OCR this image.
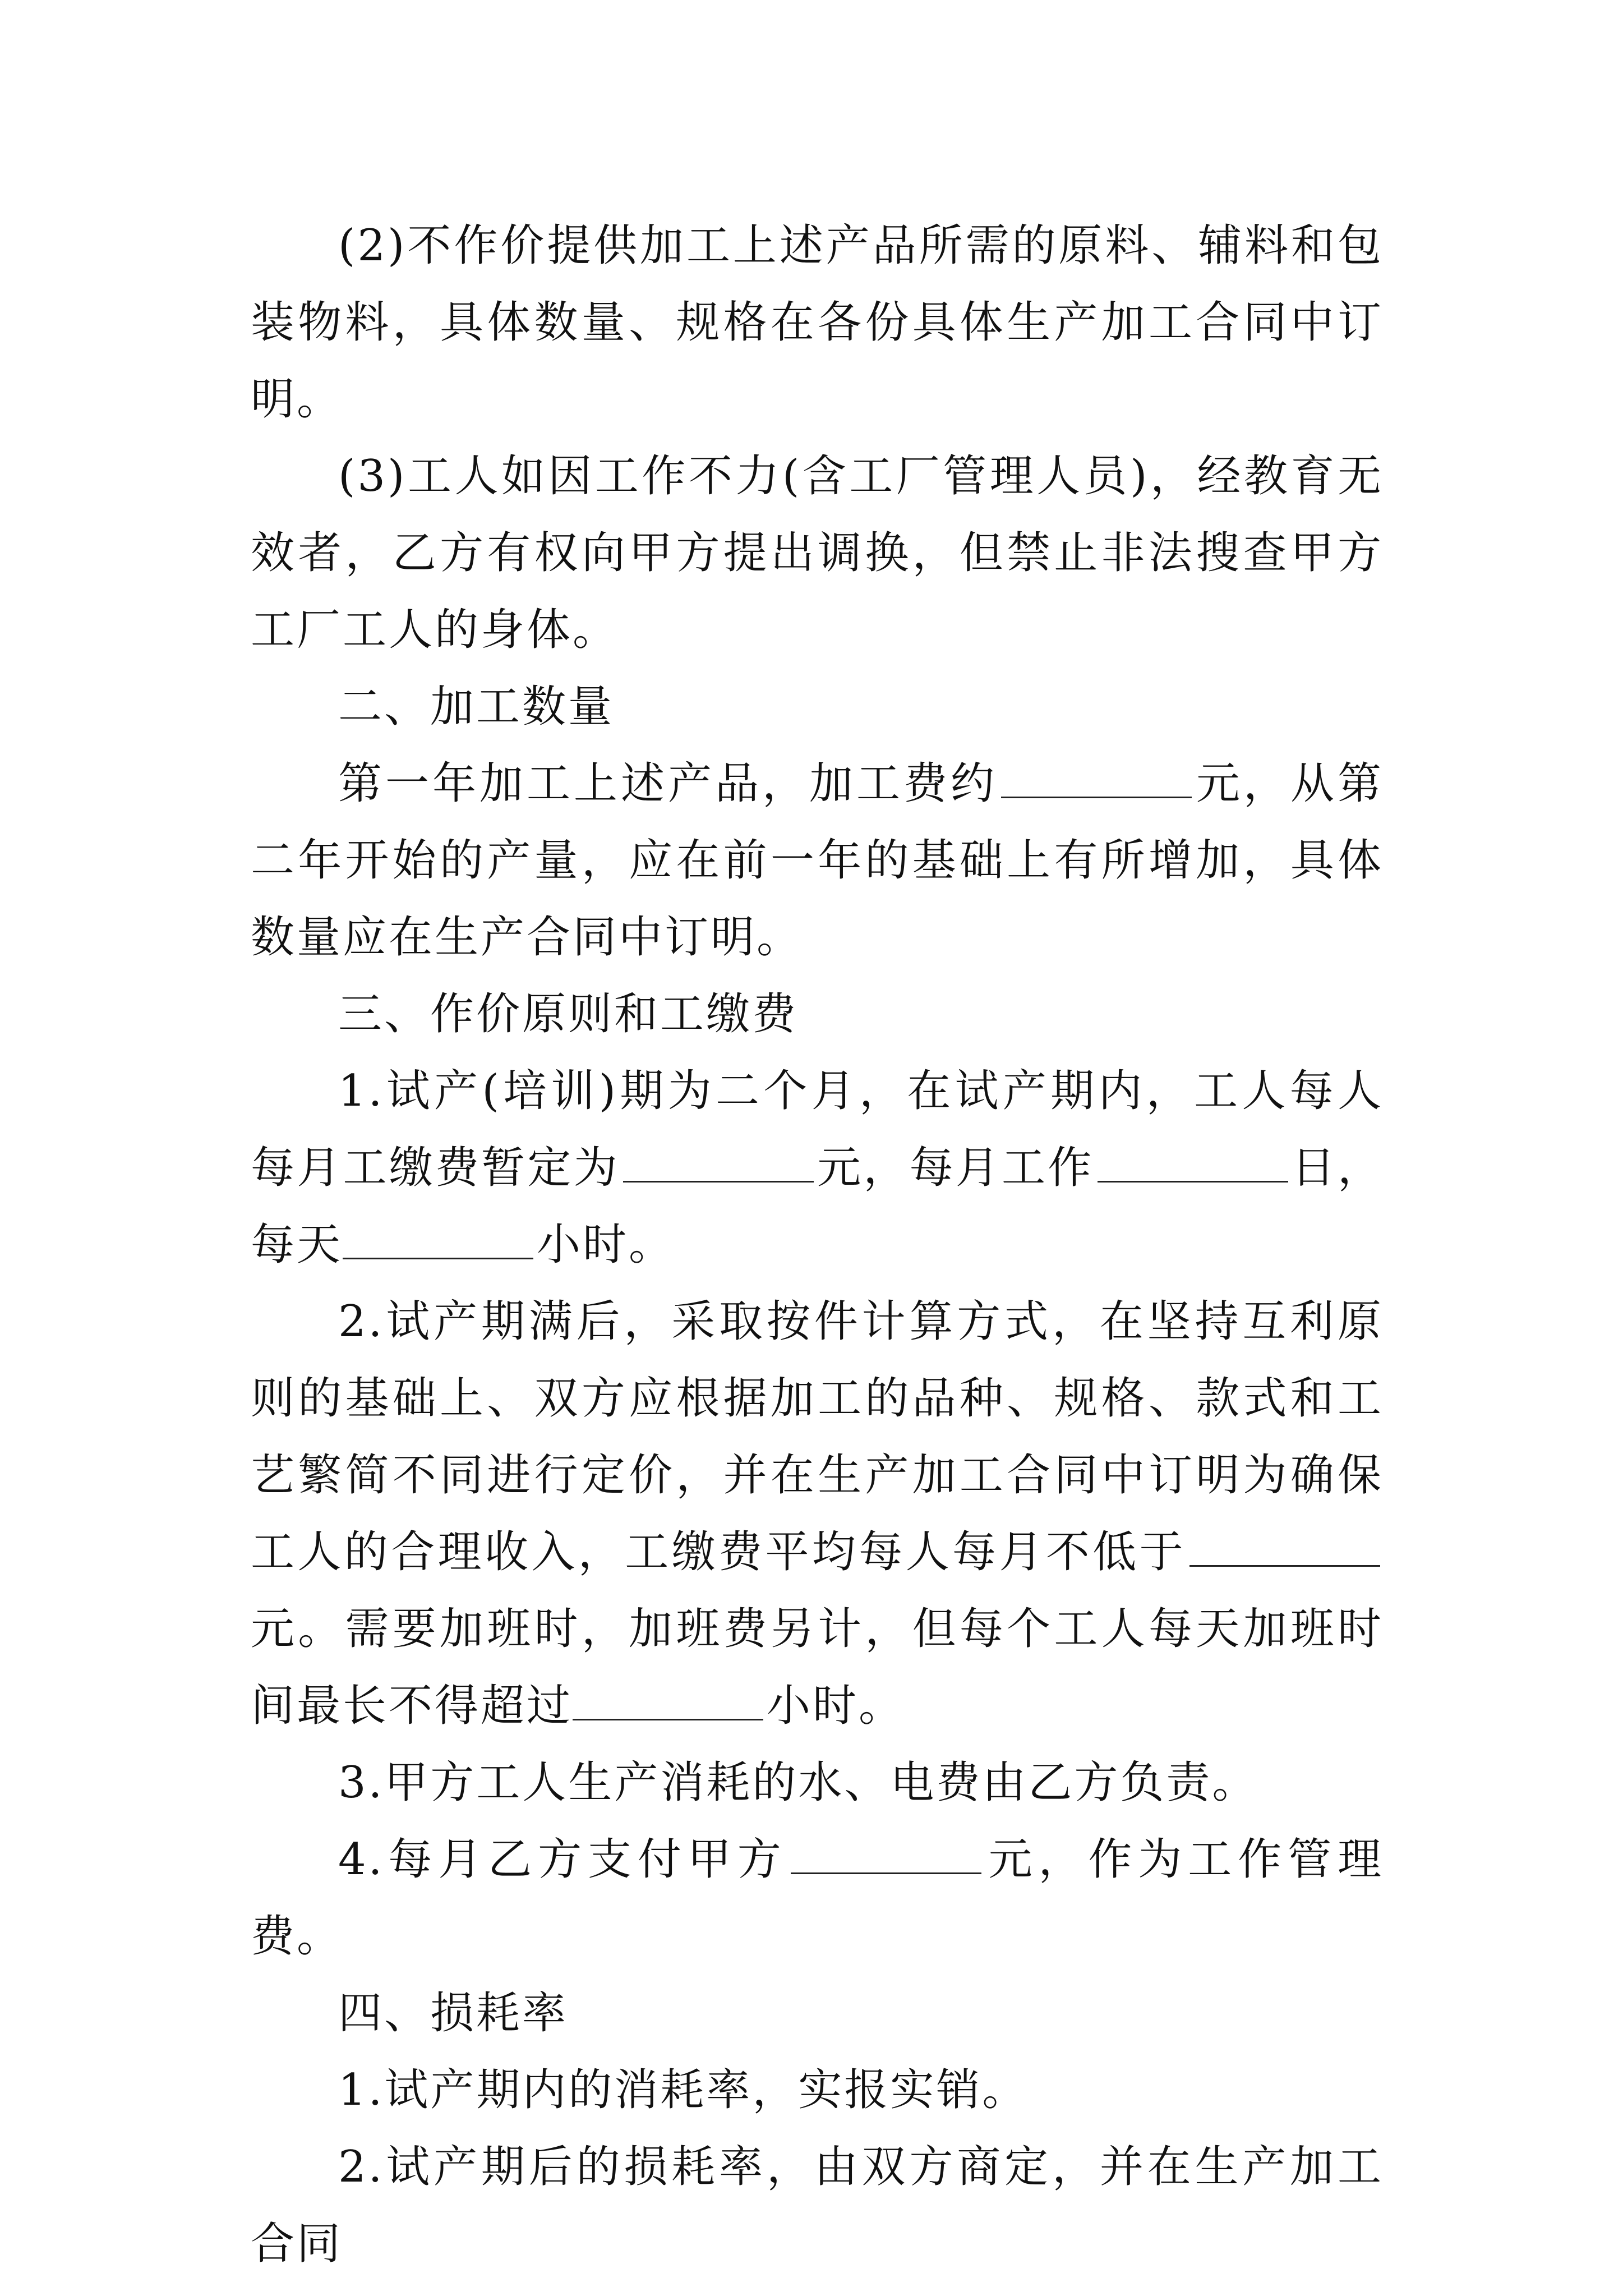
(2)不作价提供加工上述产品所需的原料、辅料和包装物料，具体数量、规格在各份具体生产加工合同中订明。

(3)工人如因工作不力(含工厂管理人员)，经教育无效者，乙方有权向甲方提出调换，但禁止非法搜查甲方工厂工人的身体。

二、加工数量

第一年加工上述产品，加工费约	元，从第二年开始的产量，应在前一年的基础上有所增加，具体数量应在生产合同中订明。

三、作价原则和工缴费

1.试产(培训)期为二个月，在试产期内，工人每人每月工缴费暂定为	元，每月工作	日，每天	小时。

2.试产期满后，采取按件计算方式，在坚持互利原则的基础上、双方应根据加工的品种、规格、款式和工艺繁简不同进行定价，并在生产加工合同中订明为确保工人的合理收入，工缴费平均每人每月不低于元。需要加班时，加班费另计，但每个工人每天加班时间最长不得超过	小时。

3.甲方工人生产消耗的水、电费由乙方负责。

4.每月乙方支付甲方	元，作为工作管理费。

四、损耗率

1.试产期内的消耗率，实报实销。

2.试产期后的损耗率，由双方商定，并在生产加工合同
